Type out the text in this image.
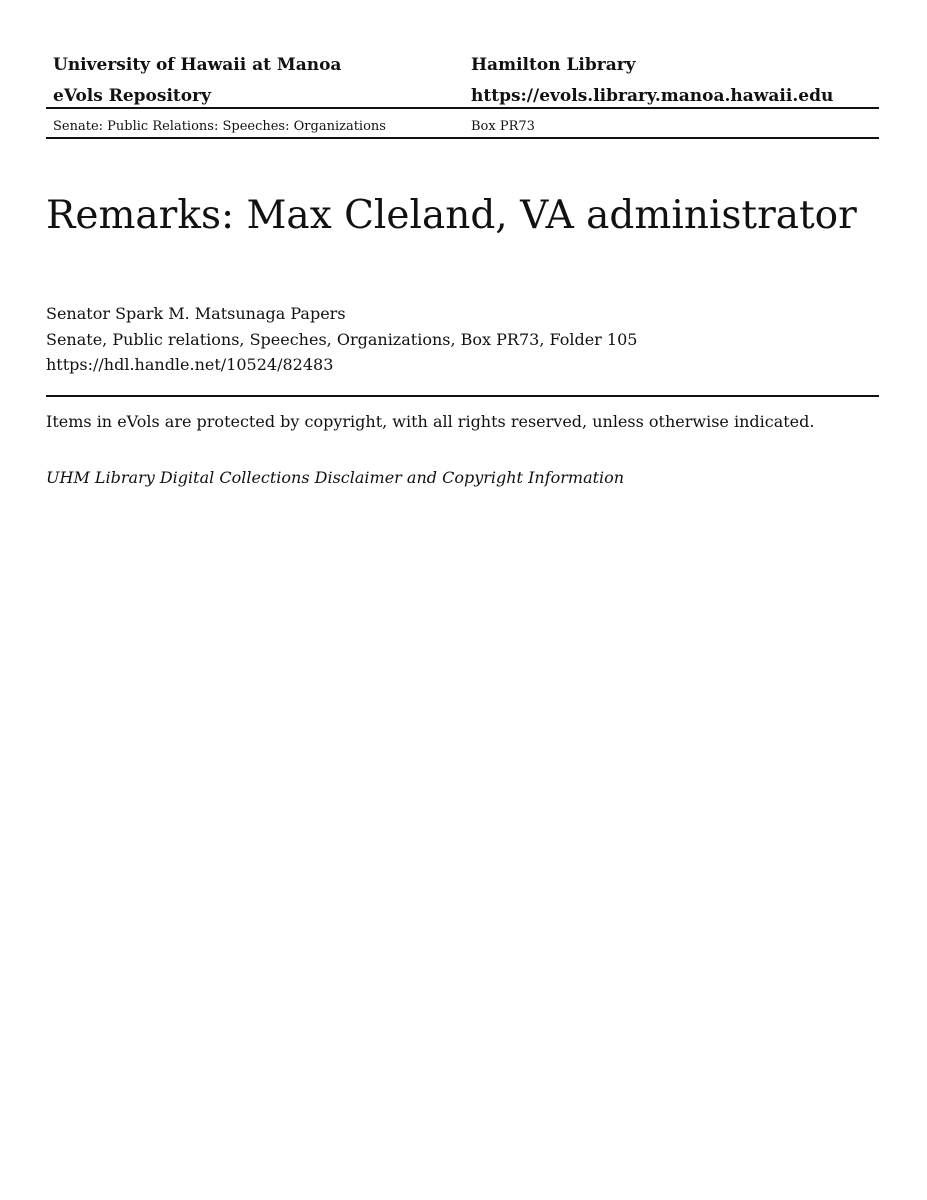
University of Hawaii at Manoa	Hamilton Library
eVols Repository	https://evols.library.manoa.hawaii.edu
Senate: Public Relations: Speeches: Organizations	Box PR73
Remarks: Max Cleland, VA administrator
Senator Spark M. Matsunaga Papers
Senate, Public relations, Speeches, Organizations, Box PR73, Folder 105
https://hdl.handle.net/10524/82483
Items in eVols are protected by copyright, with all rights reserved, unless otherwise indicated.
UHM Library Digital Collections Disclaimer and Copyright Information
